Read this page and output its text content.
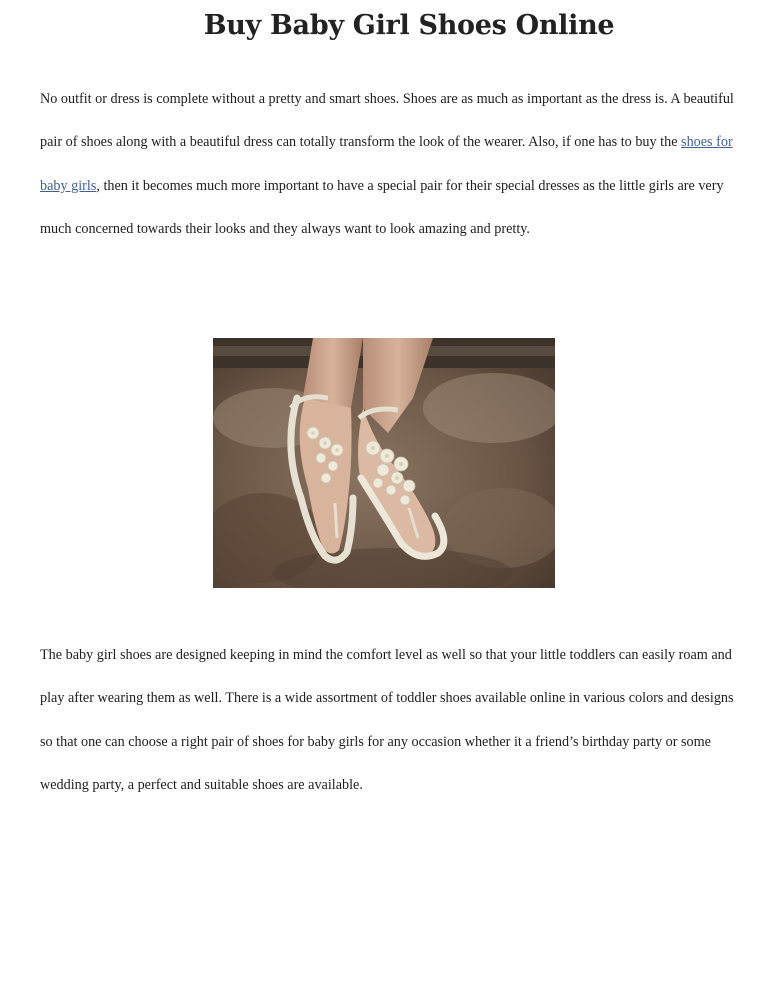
Buy Baby Girl Shoes Online

No outfit or dress is complete without a pretty and smart shoes. Shoes are as much as important as the dress is. A beautiful pair of shoes along with a beautiful dress can totally transform the look of the wearer. Also, if one has to buy the shoes for baby girls, then it becomes much more important to have a special pair for their special dresses as the little girls are very much concerned towards their looks and they always want to look amazing and pretty.

The baby girl shoes are designed keeping in mind the comfort level as well so that your little toddlers can easily roam and play after wearing them as well. There is a wide assortment of toddler shoes available online in various colors and designs so that one can choose a right pair of shoes for baby girls for any occasion whether it a friend’s birthday party or some wedding party, a perfect and suitable shoes are available.
